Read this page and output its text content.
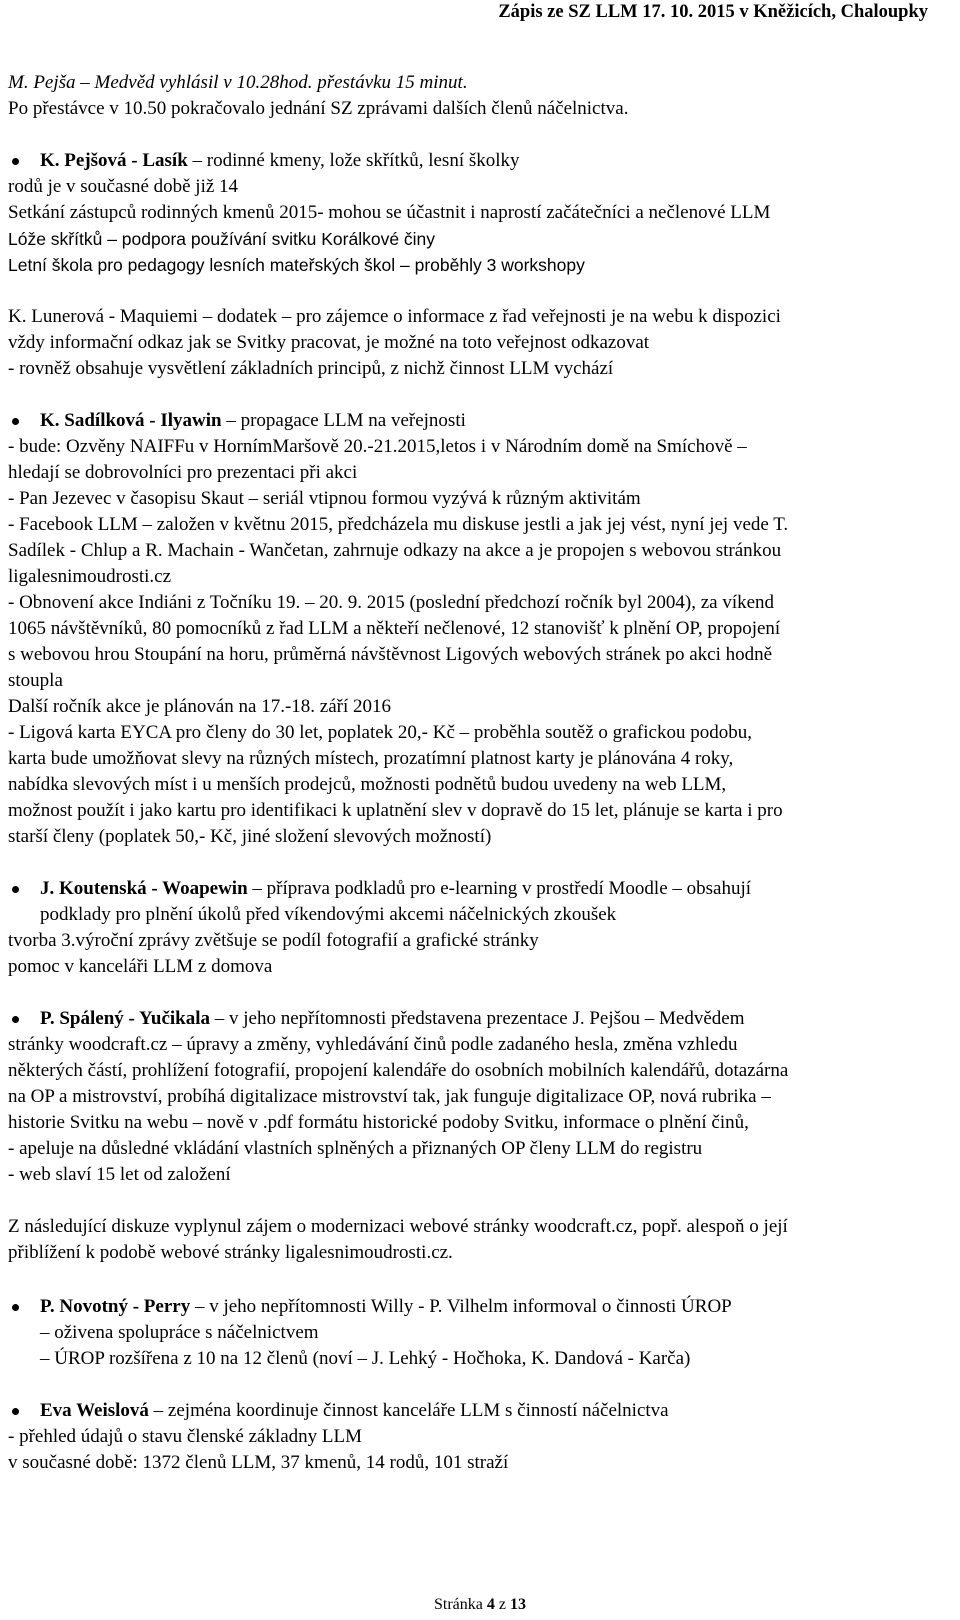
Zápis ze SZ LLM 17. 10. 2015 v Kněžicích, Chaloupky
M. Pejša – Medvěd vyhlásil v 10.28hod. přestávku 15 minut.
Po přestávce v 10.50 pokračovalo jednání SZ zprávami dalších členů náčelnictva.
K. Pejšová - Lasík – rodinné kmeny, lože skřítků, lesní školky
rodů je v současné době již 14
Setkání zástupců rodinných kmenů 2015- mohou se účastnit i naprostí začátečníci a nečlenové LLM
Lóže skřítků – podpora používání svitku Korálkové činy
Letní škola pro pedagogy lesních mateřských škol – proběhly 3 workshopy
K. Lunerová - Maquiemi – dodatek – pro zájemce o informace z řad veřejnosti je na webu k dispozici
vždy informační odkaz jak se Svitky pracovat, je možné na toto veřejnost odkazovat
- rovněž obsahuje vysvětlení základních principů, z nichž činnost LLM vychází
K. Sadílková - Ilyawin – propagace LLM na veřejnosti
- bude: Ozvěny NAIFFu v HornímMaršově 20.-21.2015,letos i v Národním domě na Smíchově –
hledají se dobrovolníci pro prezentaci při akci
- Pan Jezevec v časopisu Skaut – seriál vtipnou formou vyzývá k různým aktivitám
- Facebook LLM – založen v květnu 2015, předcházela mu diskuse jestli a jak jej vést, nyní jej vede T.
Sadílek - Chlup a R. Machain - Wančetan, zahrnuje odkazy na akce a je propojen s webovou stránkou
ligalesnimoudrosti.cz
- Obnovení akce Indiáni z Točníku 19. – 20. 9. 2015 (poslední předchozí ročník byl 2004), za víkend
1065 návštěvníků, 80 pomocníků z řad LLM a někteří nečlenové, 12 stanovišť k plnění OP, propojení
s webovou hrou Stoupání na horu, průměrná návštěvnost Ligových webových stránek po akci hodně
stoupla
Další ročník akce je plánován na 17.-18. září 2016
- Ligová karta EYCA pro členy do 30 let, poplatek 20,- Kč – proběhla soutěž o grafickou podobu,
karta bude umožňovat slevy na různých místech, prozatímní platnost karty je plánována 4 roky,
nabídka slevových míst i u menších prodejců, možnosti podnětů budou uvedeny na web LLM,
možnost použít i jako kartu pro identifikaci k uplatnění slev v dopravě do 15 let, plánuje se karta i pro
starší členy (poplatek 50,- Kč, jiné složení slevových možností)
J. Koutenská - Woapewin – příprava podkladů pro e-learning v prostředí Moodle – obsahují
podklady pro plnění úkolů před víkendovými akcemi náčelnických zkoušek
tvorba 3.výroční zprávy zvětšuje se podíl fotografií a grafické stránky
pomoc v kanceláři LLM z domova
P. Spálený - Yučikala – v jeho nepřítomnosti představena prezentace J. Pejšou – Medvědem
stránky woodcraft.cz – úpravy a změny, vyhledávání činů podle zadaného hesla, změna vzhledu
některých částí, prohlížení fotografií, propojení kalendáře do osobních mobilních kalendářů, dotazárna
na OP a mistrovství, probíhá digitalizace mistrovství tak, jak funguje digitalizace OP, nová rubrika –
historie Svitku na webu – nově v .pdf formátu historické podoby Svitku, informace o plnění činů,
- apeluje na důsledné vkládání vlastních splněných a přiznaných OP členy LLM do registru
- web slaví 15 let od založení
Z následující diskuze vyplynul zájem o modernizaci webové stránky woodcraft.cz, popř. alespoň o její
přiblížení k podobě webové stránky ligalesnimoudrosti.cz.
P. Novotný - Perry – v jeho nepřítomnosti Willy - P. Vilhelm informoval o činnosti ÚROP
– oživena spolupráce s náčelnictvem
– ÚROP rozšířena z 10 na 12 členů (noví – J. Lehký - Hočhoka, K. Dandová - Karča)
Eva Weislová – zejména koordinuje činnost kanceláře LLM s činností náčelnictva
- přehled údajů o stavu členské základny LLM
v současné době: 1372 členů LLM, 37 kmenů, 14 rodů, 101 straží
Stránka 4 z 13
